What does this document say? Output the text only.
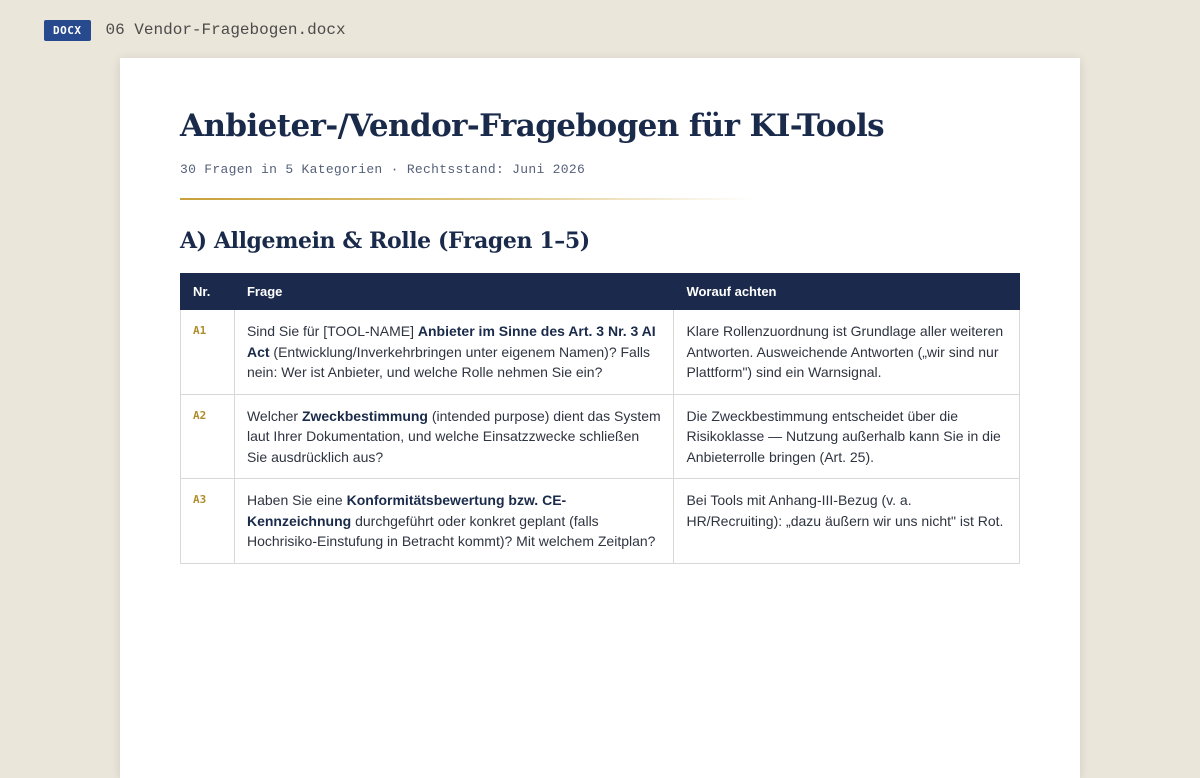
DOCX	06 Vendor-Fragebogen.docx
Anbieter-/Vendor-Fragebogen für KI-Tools
30 Fragen in 5 Kategorien · Rechtsstand: Juni 2026
A) Allgemein & Rolle (Fragen 1–5)
Nr.	Frage	Worauf achten
A1	Sind Sie für [TOOL-NAME] Anbieter im Sinne des Art. 3 Nr. 3 AI Act (Entwicklung/Inverkehrbringen unter eigenem Namen)? Falls nein: Wer ist Anbieter, und welche Rolle nehmen Sie ein?	Klare Rollenzuordnung ist Grundlage aller weiteren Antworten. Ausweichende Antworten („wir sind nur Plattform") sind ein Warnsignal.
A2	Welcher Zweckbestimmung (intended purpose) dient das System laut Ihrer Dokumentation, und welche Einsatzzwecke schließen Sie ausdrücklich aus?	Die Zweckbestimmung entscheidet über die Risikoklasse — Nutzung außerhalb kann Sie in die Anbieterrolle bringen (Art. 25).
A3	Haben Sie eine Konformitätsbewertung bzw. CE-Kennzeichnung durchgeführt oder konkret geplant (falls Hochrisiko-Einstufung in Betracht kommt)? Mit welchem Zeitplan?	Bei Tools mit Anhang-III-Bezug (v. a. HR/Recruiting): „dazu äußern wir uns nicht" ist Rot.
